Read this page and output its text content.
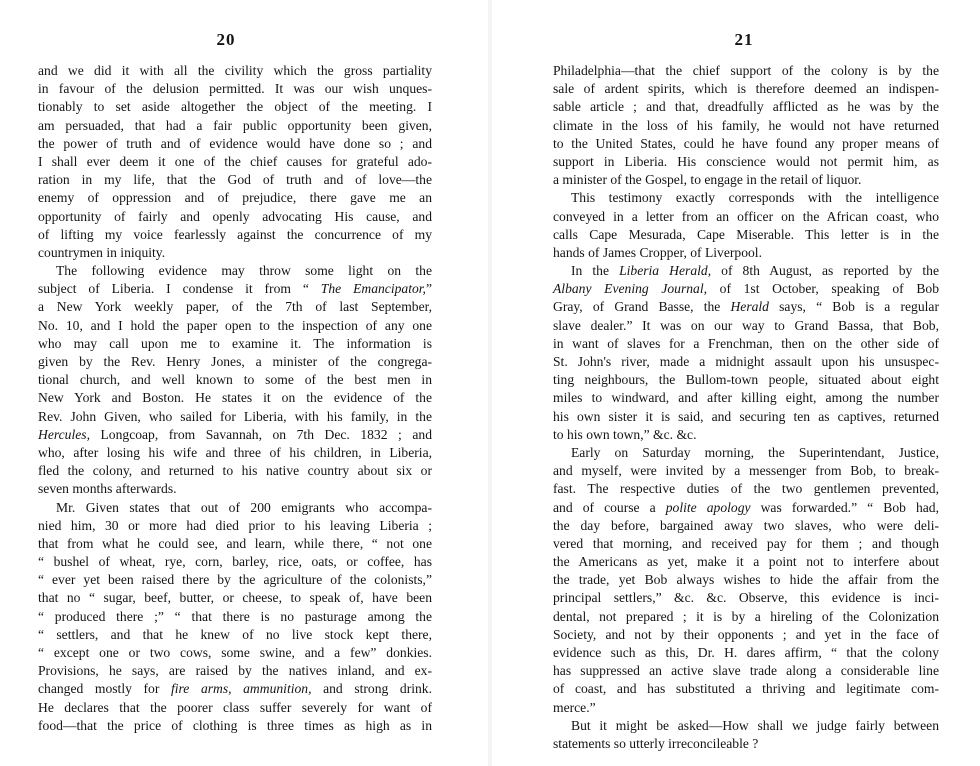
20
and we did it with all the civility which the gross partiality
in favour of the delusion permitted. It was our wish unques-
tionably to set aside altogether the object of the meeting. I
am persuaded, that had a fair public opportunity been given,
the power of truth and of evidence would have done so ; and
I shall ever deem it one of the chief causes for grateful ado-
ration in my life, that the God of truth and of love—the
enemy of oppression and of prejudice, there gave me an
opportunity of fairly and openly advocating His cause, and
of lifting my voice fearlessly against the concurrence of my
countrymen in iniquity.
The following evidence may throw some light on the
subject of Liberia. I condense it from “ The Emancipator,”
a New York weekly paper, of the 7th of last September,
No. 10, and I hold the paper open to the inspection of any one
who may call upon me to examine it. The information is
given by the Rev. Henry Jones, a minister of the congrega-
tional church, and well known to some of the best men in
New York and Boston. He states it on the evidence of the
Rev. John Given, who sailed for Liberia, with his family, in the
Hercules, Longcoap, from Savannah, on 7th Dec. 1832 ; and
who, after losing his wife and three of his children, in Liberia,
fled the colony, and returned to his native country about six or
seven months afterwards.
Mr. Given states that out of 200 emigrants who accompa-
nied him, 30 or more had died prior to his leaving Liberia ;
that from what he could see, and learn, while there, “ not one
“ bushel of wheat, rye, corn, barley, rice, oats, or coffee, has
“ ever yet been raised there by the agriculture of the colonists,”
that no “ sugar, beef, butter, or cheese, to speak of, have been
“ produced there ;” “ that there is no pasturage among the
“ settlers, and that he knew of no live stock kept there,
“ except one or two cows, some swine, and a few” donkies.
Provisions, he says, are raised by the natives inland, and ex-
changed mostly for fire arms, ammunition, and strong drink.
He declares that the poorer class suffer severely for want of
food—that the price of clothing is three times as high as in
21
Philadelphia—that the chief support of the colony is by the
sale of ardent spirits, which is therefore deemed an indispen-
sable article ; and that, dreadfully afflicted as he was by the
climate in the loss of his family, he would not have returned
to the United States, could he have found any proper means of
support in Liberia. His conscience would not permit him, as
a minister of the Gospel, to engage in the retail of liquor.
This testimony exactly corresponds with the intelligence
conveyed in a letter from an officer on the African coast, who
calls Cape Mesurada, Cape Miserable. This letter is in the
hands of James Cropper, of Liverpool.
In the Liberia Herald, of 8th August, as reported by the
Albany Evening Journal, of 1st October, speaking of Bob
Gray, of Grand Basse, the Herald says, “ Bob is a regular
slave dealer.” It was on our way to Grand Bassa, that Bob,
in want of slaves for a Frenchman, then on the other side of
St. John's river, made a midnight assault upon his unsuspec-
ting neighbours, the Bullom-town people, situated about eight
miles to windward, and after killing eight, among the number
his own sister it is said, and securing ten as captives, returned
to his own town,” &c. &c.
Early on Saturday morning, the Superintendant, Justice,
and myself, were invited by a messenger from Bob, to break-
fast. The respective duties of the two gentlemen prevented,
and of course a polite apology was forwarded.” “ Bob had,
the day before, bargained away two slaves, who were deli-
vered that morning, and received pay for them ; and though
the Americans as yet, make it a point not to interfere about
the trade, yet Bob always wishes to hide the affair from the
principal settlers,” &c. &c. Observe, this evidence is inci-
dental, not prepared ; it is by a hireling of the Colonization
Society, and not by their opponents ; and yet in the face of
evidence such as this, Dr. H. dares affirm, “ that the colony
has suppressed an active slave trade along a considerable line
of coast, and has substituted a thriving and legitimate com-
merce.”
But it might be asked—How shall we judge fairly between
statements so utterly irreconcileable ?
